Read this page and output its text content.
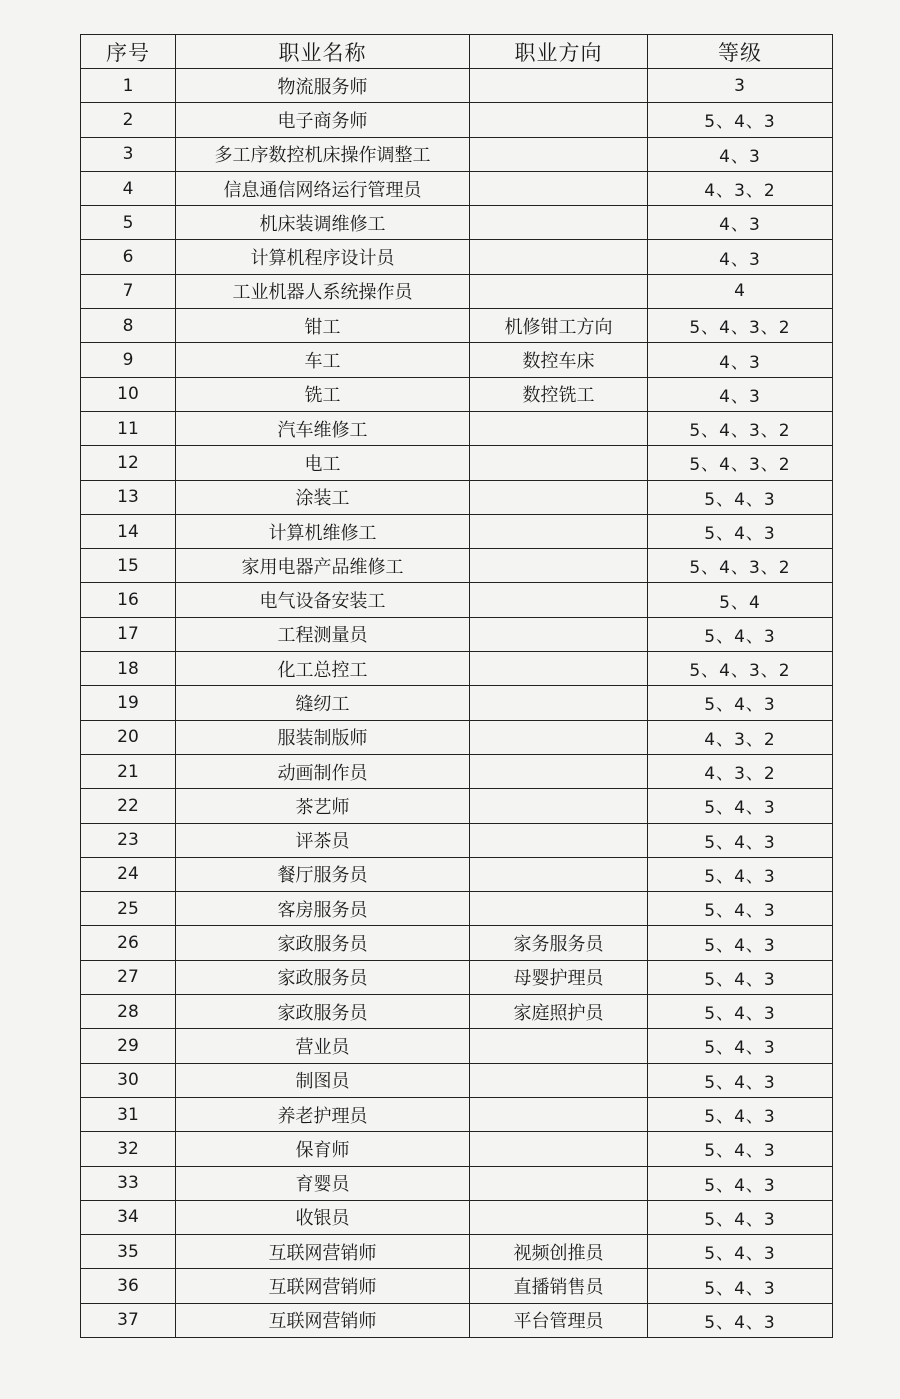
序号	职业名称	职业方向	等级
1	物流服务师		3
2	电子商务师		5、4、3
3	多工序数控机床操作调整工		4、3
4	信息通信网络运行管理员		4、3、2
5	机床装调维修工		4、3
6	计算机程序设计员		4、3
7	工业机器人系统操作员		4
8	钳工	机修钳工方向	5、4、3、2
9	车工	数控车床	4、3
10	铣工	数控铣工	4、3
11	汽车维修工		5、4、3、2
12	电工		5、4、3、2
13	涂装工		5、4、3
14	计算机维修工		5、4、3
15	家用电器产品维修工		5、4、3、2
16	电气设备安装工		5、4
17	工程测量员		5、4、3
18	化工总控工		5、4、3、2
19	缝纫工		5、4、3
20	服装制版师		4、3、2
21	动画制作员		4、3、2
22	茶艺师		5、4、3
23	评茶员		5、4、3
24	餐厅服务员		5、4、3
25	客房服务员		5、4、3
26	家政服务员	家务服务员	5、4、3
27	家政服务员	母婴护理员	5、4、3
28	家政服务员	家庭照护员	5、4、3
29	营业员		5、4、3
30	制图员		5、4、3
31	养老护理员		5、4、3
32	保育师		5、4、3
33	育婴员		5、4、3
34	收银员		5、4、3
35	互联网营销师	视频创推员	5、4、3
36	互联网营销师	直播销售员	5、4、3
37	互联网营销师	平台管理员	5、4、3
